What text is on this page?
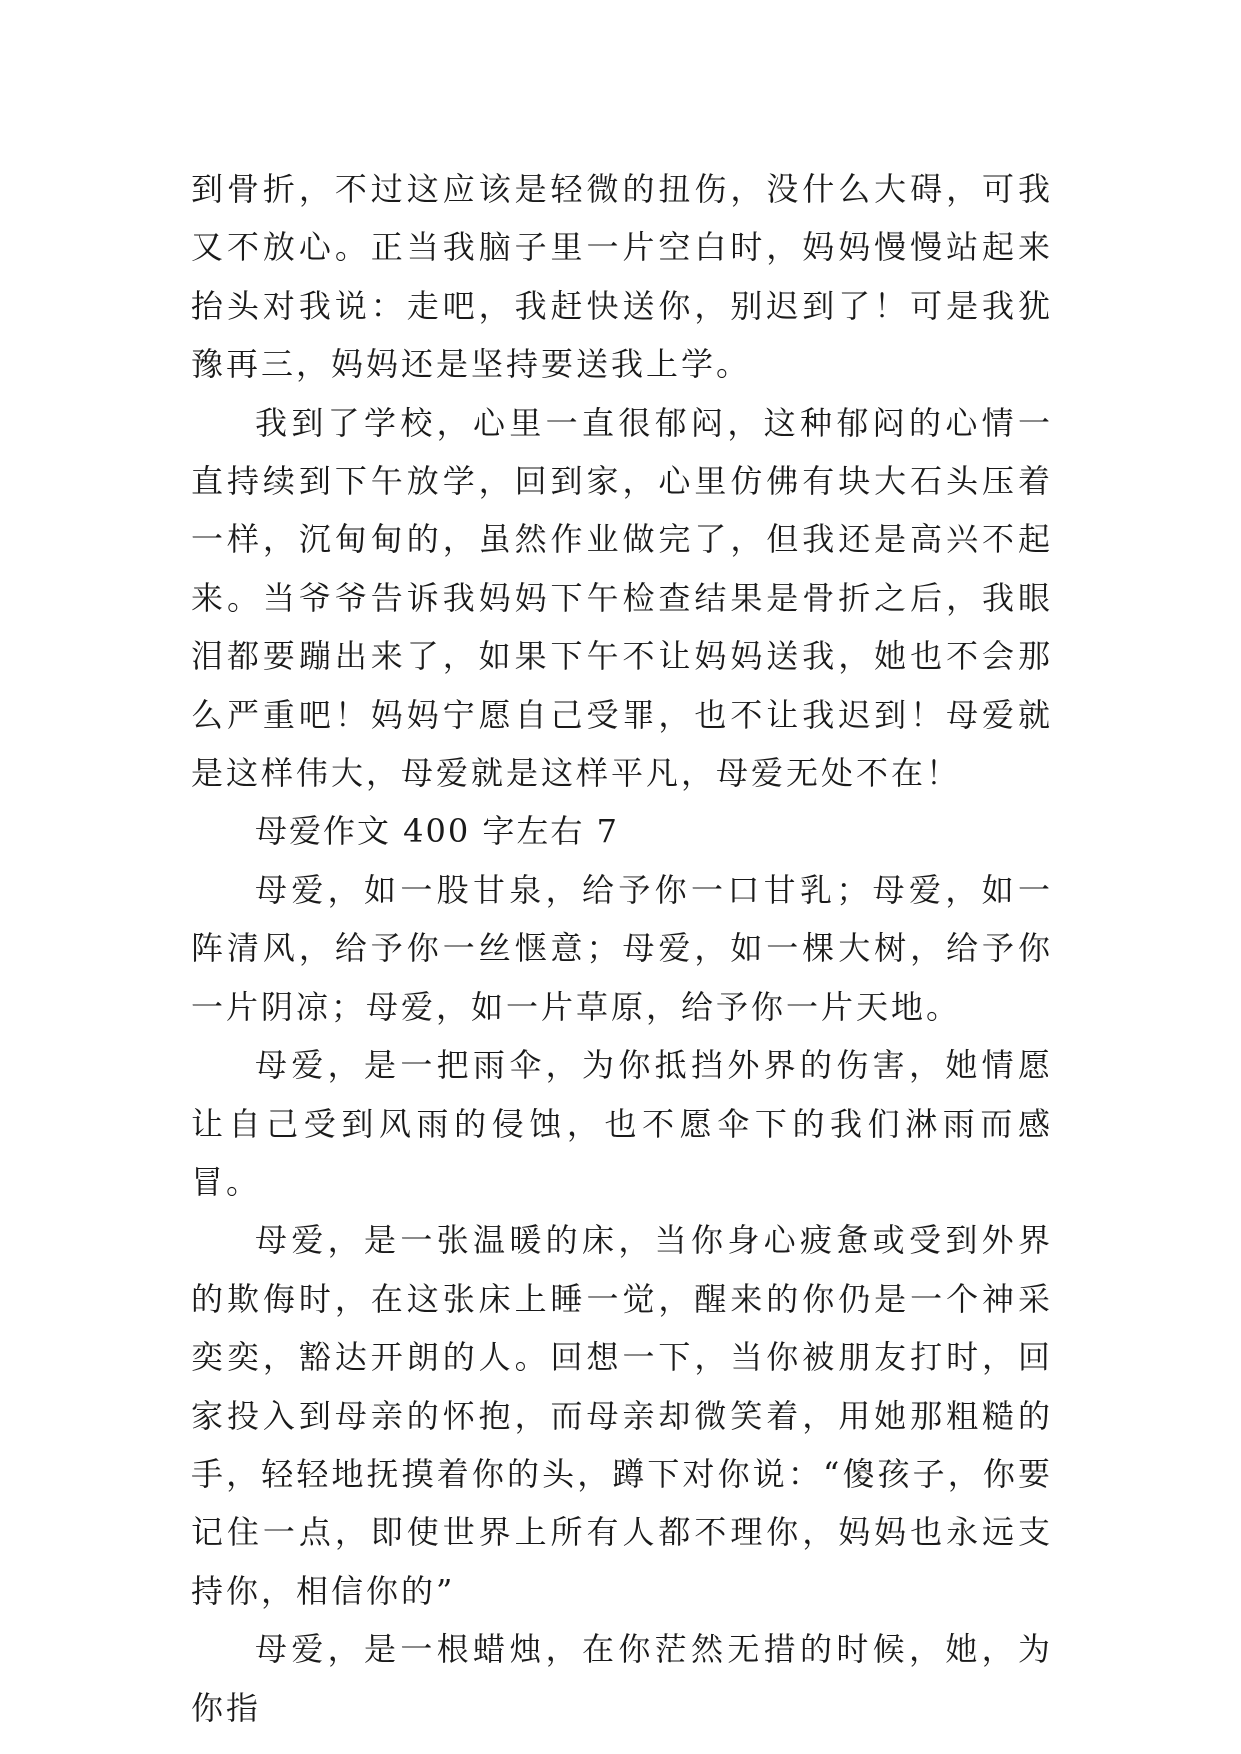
到骨折，不过这应该是轻微的扭伤，没什么大碍，可我又不放心。正当我脑子里一片空白时，妈妈慢慢站起来抬头对我说：走吧，我赶快送你，别迟到了！可是我犹豫再三，妈妈还是坚持要送我上学。

我到了学校，心里一直很郁闷，这种郁闷的心情一直持续到下午放学，回到家，心里仿佛有块大石头压着一样，沉甸甸的，虽然作业做完了，但我还是高兴不起来。当爷爷告诉我妈妈下午检查结果是骨折之后，我眼泪都要蹦出来了，如果下午不让妈妈送我，她也不会那么严重吧！妈妈宁愿自己受罪，也不让我迟到！母爱就是这样伟大，母爱就是这样平凡，母爱无处不在！

母爱作文 400 字左右 7

母爱，如一股甘泉，给予你一口甘乳；母爱，如一阵清风，给予你一丝惬意；母爱，如一棵大树，给予你一片阴凉；母爱，如一片草原，给予你一片天地。

母爱，是一把雨伞，为你抵挡外界的伤害，她情愿让自己受到风雨的侵蚀，也不愿伞下的我们淋雨而感冒。

母爱，是一张温暖的床，当你身心疲惫或受到外界的欺侮时，在这张床上睡一觉，醒来的你仍是一个神采奕奕，豁达开朗的人。回想一下，当你被朋友打时，回家投入到母亲的怀抱，而母亲却微笑着，用她那粗糙的手，轻轻地抚摸着你的头，蹲下对你说：“傻孩子，你要记住一点，即使世界上所有人都不理你，妈妈也永远支持你，相信你的”

母爱，是一根蜡烛，在你茫然无措的时候，她，为你指
